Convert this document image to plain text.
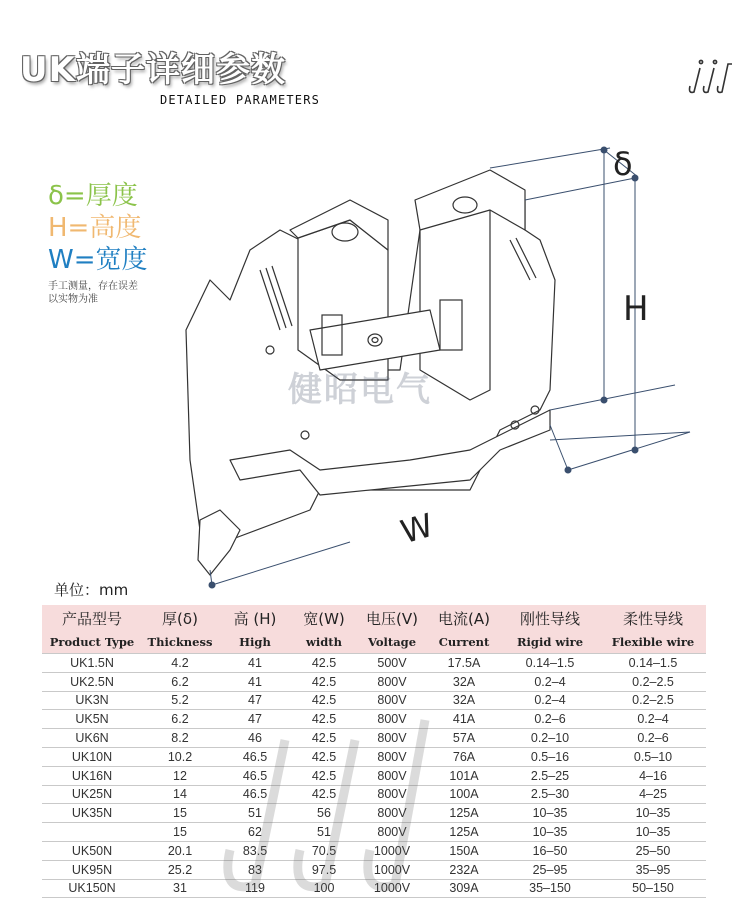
UK端子详细参数
DETAILED PARAMETERS
δ=厚度
H=高度
W=宽度
手工测量，存在误差
以实物为准
δ
H
W
健昭电气
单位：mm
产品型号	厚(δ)	高 (H)	宽(W)	电压(V)	电流(A)	刚性导线	柔性导线
Product Type	Thickness	High	width	Voltage	Current	Rigid wire	Flexible wire
UK1.5N	4.2	41	42.5	500V	17.5A	0.14–1.5	0.14–1.5
UK2.5N	6.2	41	42.5	800V	32A	0.2–4	0.2–2.5
UK3N	5.2	47	42.5	800V	32A	0.2–4	0.2–2.5
UK5N	6.2	47	42.5	800V	41A	0.2–6	0.2–4
UK6N	8.2	46	42.5	800V	57A	0.2–10	0.2–6
UK10N	10.2	46.5	42.5	800V	76A	0.5–16	0.5–10
UK16N	12	46.5	42.5	800V	101A	2.5–25	4–16
UK25N	14	46.5	42.5	800V	100A	2.5–30	4–25
UK35N	15	51	56	800V	125A	10–35	10–35
	15	62	51	800V	125A	10–35	10–35
UK50N	20.1	83.5	70.5	1000V	150A	16–50	25–50
UK95N	25.2	83	97.5	1000V	232A	25–95	35–95
UK150N	31	119	100	1000V	309A	35–150	50–150
